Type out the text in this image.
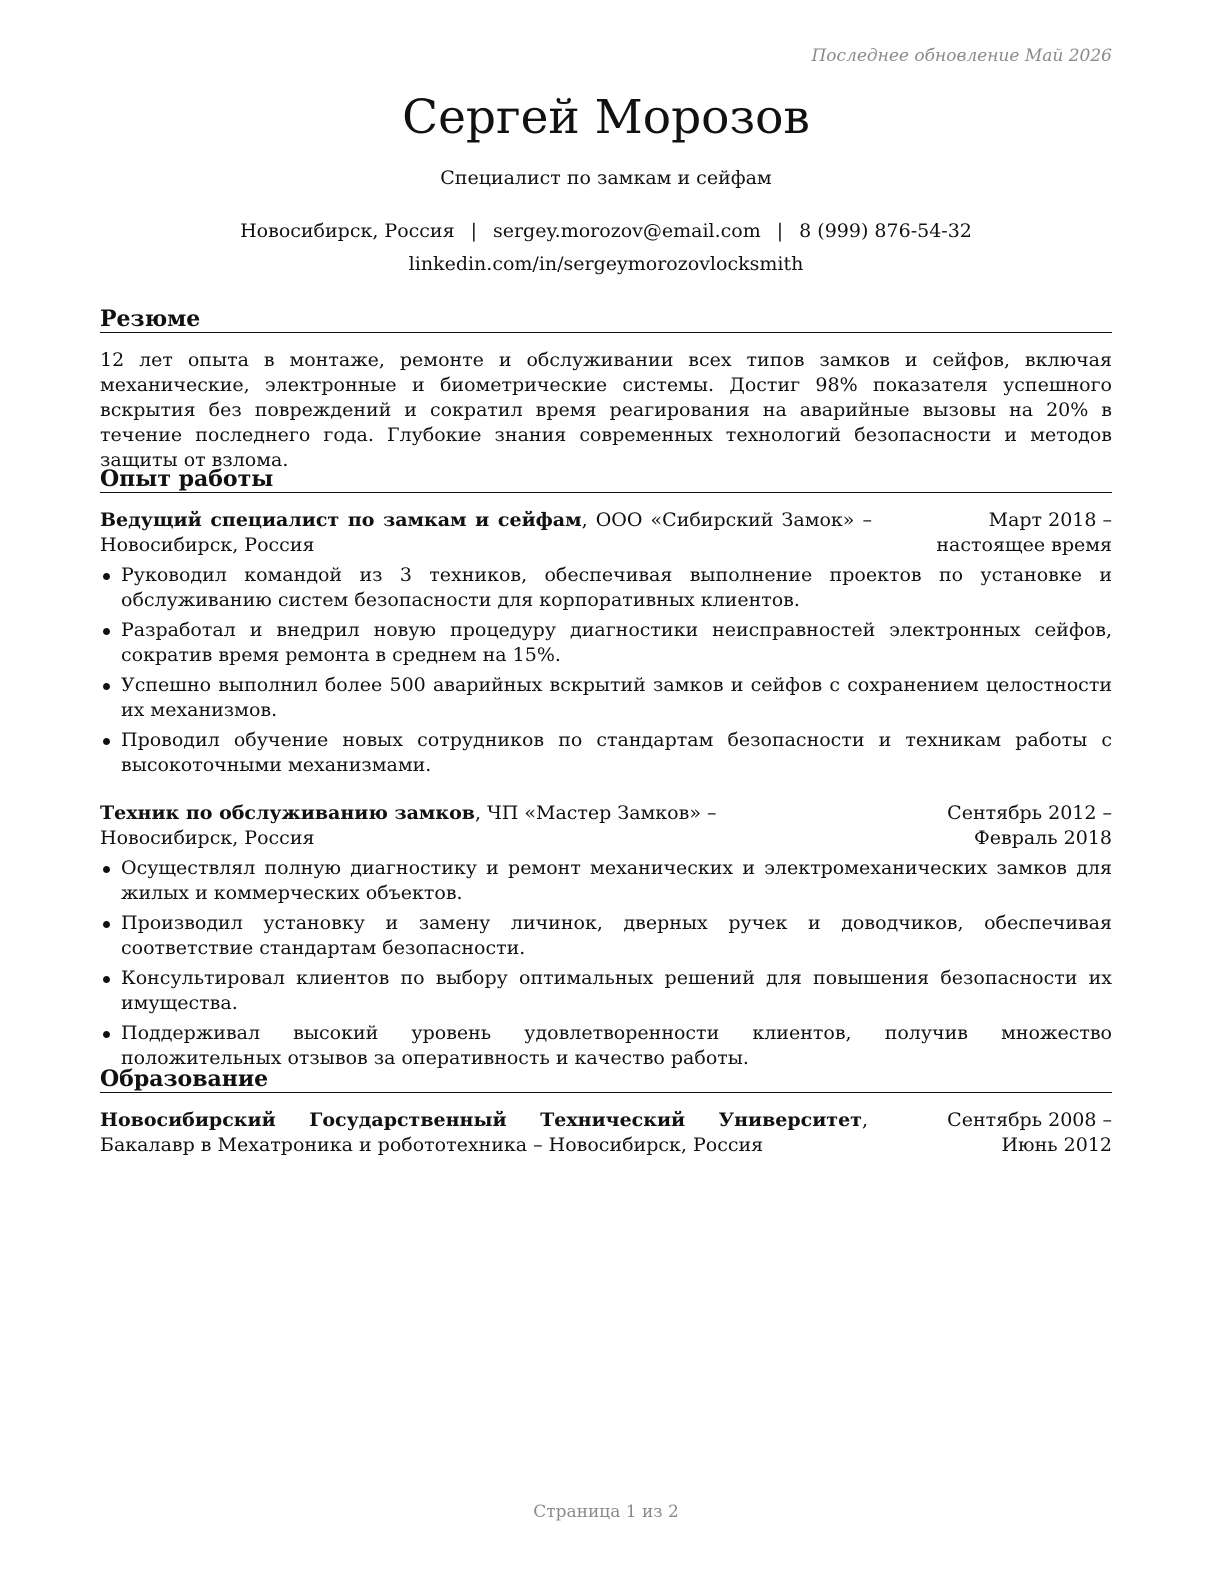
Последнее обновление Май 2026
Сергей Морозов
Специалист по замкам и сейфам
Новосибирск, Россия | sergey.morozov@email.com | 8 (999) 876-54-32
linkedin.com/in/sergeymorozovlocksmith
Резюме
12 лет опыта в монтаже, ремонте и обслуживании всех типов замков и сейфов, включая механические, электронные и биометрические системы. Достиг 98% показателя успешного вскрытия без повреждений и сократил время реагирования на аварийные вызовы на 20% в течение последнего года. Глубокие знания современных технологий безопасности и методов защиты от взлома.
Опыт работы
Ведущий специалист по замкам и сейфам, ООО «Сибирский Замок» – Новосибирск, Россия
Март 2018 – настоящее время
Руководил командой из 3 техников, обеспечивая выполнение проектов по установке и обслуживанию систем безопасности для корпоративных клиентов.
Разработал и внедрил новую процедуру диагностики неисправностей электронных сейфов, сократив время ремонта в среднем на 15%.
Успешно выполнил более 500 аварийных вскрытий замков и сейфов с сохранением целостности их механизмов.
Проводил обучение новых сотрудников по стандартам безопасности и техникам работы с высокоточными механизмами.
Техник по обслуживанию замков, ЧП «Мастер Замков» – Новосибирск, Россия
Сентябрь 2012 – Февраль 2018
Осуществлял полную диагностику и ремонт механических и электромеханических замков для жилых и коммерческих объектов.
Производил установку и замену личинок, дверных ручек и доводчиков, обеспечивая соответствие стандартам безопасности.
Консультировал клиентов по выбору оптимальных решений для повышения безопасности их имущества.
Поддерживал высокий уровень удовлетворенности клиентов, получив множество положительных отзывов за оперативность и качество работы.
Образование
Новосибирский Государственный Технический Университет, Бакалавр в Мехатроника и робототехника – Новосибирск, Россия
Сентябрь 2008 – Июнь 2012
Страница 1 из 2
